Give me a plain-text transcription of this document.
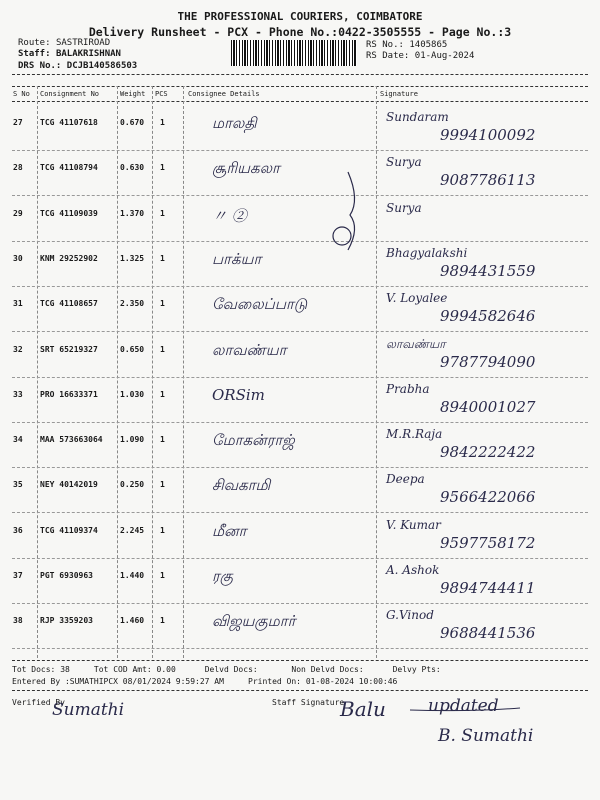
THE PROFESSIONAL COURIERS, COIMBATORE
Delivery Runsheet - PCX - Phone No.:0422-3505555 - Page No.:3
Route: SASTRIROAD
Staff: BALAKRISHNAN
DRS No.: DCJB140586503
RS No.: 1405865
RS Date: 01-Aug-2024
S No Consignment No	Weight PCS	Consignee Details	Signature
27 TCG 41107618	0.670 1	மாலதி	Sundaram
9994100092
28 TCG 41108794	0.630 1	சூரியகலா	Surya
9087786113
29 TCG 41109039	1.370 1	〃 ②	Surya
30 KNM 29252902	1.325 1	பாக்யா	Bhagyalakshi
9894431559
31 TCG 41108657	2.350 1	வேலைப்பாடு	V. Loyalee
9994582646
32 SRT 65219327	0.650 1	லாவண்யா	லாவண்யா
9787794090
33 PRO 16633371	1.030 1	ORSim	Prabha
8940001027
34 MAA 573663064 1.090 1	மோகன்ராஜ்	M.R.Raja
9842222422
35 NEY 40142019	0.250 1	சிவகாமி	Deepa
9566422066
36 TCG 41109374	2.245 1	மீனா	V. Kumar
9597758172
37 PGT 6930963	1.440 1	ரகு	A. Ashok
9894744411
38 RJP 3359203	1.460 1	விஜயகுமார்	G.Vinod
9688441536
Tot Docs: 38	Tot COD Amt: 0.00	Delvd Docs:	Non Delvd Docs:	Delvy Pts:
Entered By :SUMATHIPCX 08/01/2024 9:59:27 AM	Printed On: 01-08-2024 10:00:46
Verified By
Sumathi	Staff Signature
Balu updated
B. Sumathi
